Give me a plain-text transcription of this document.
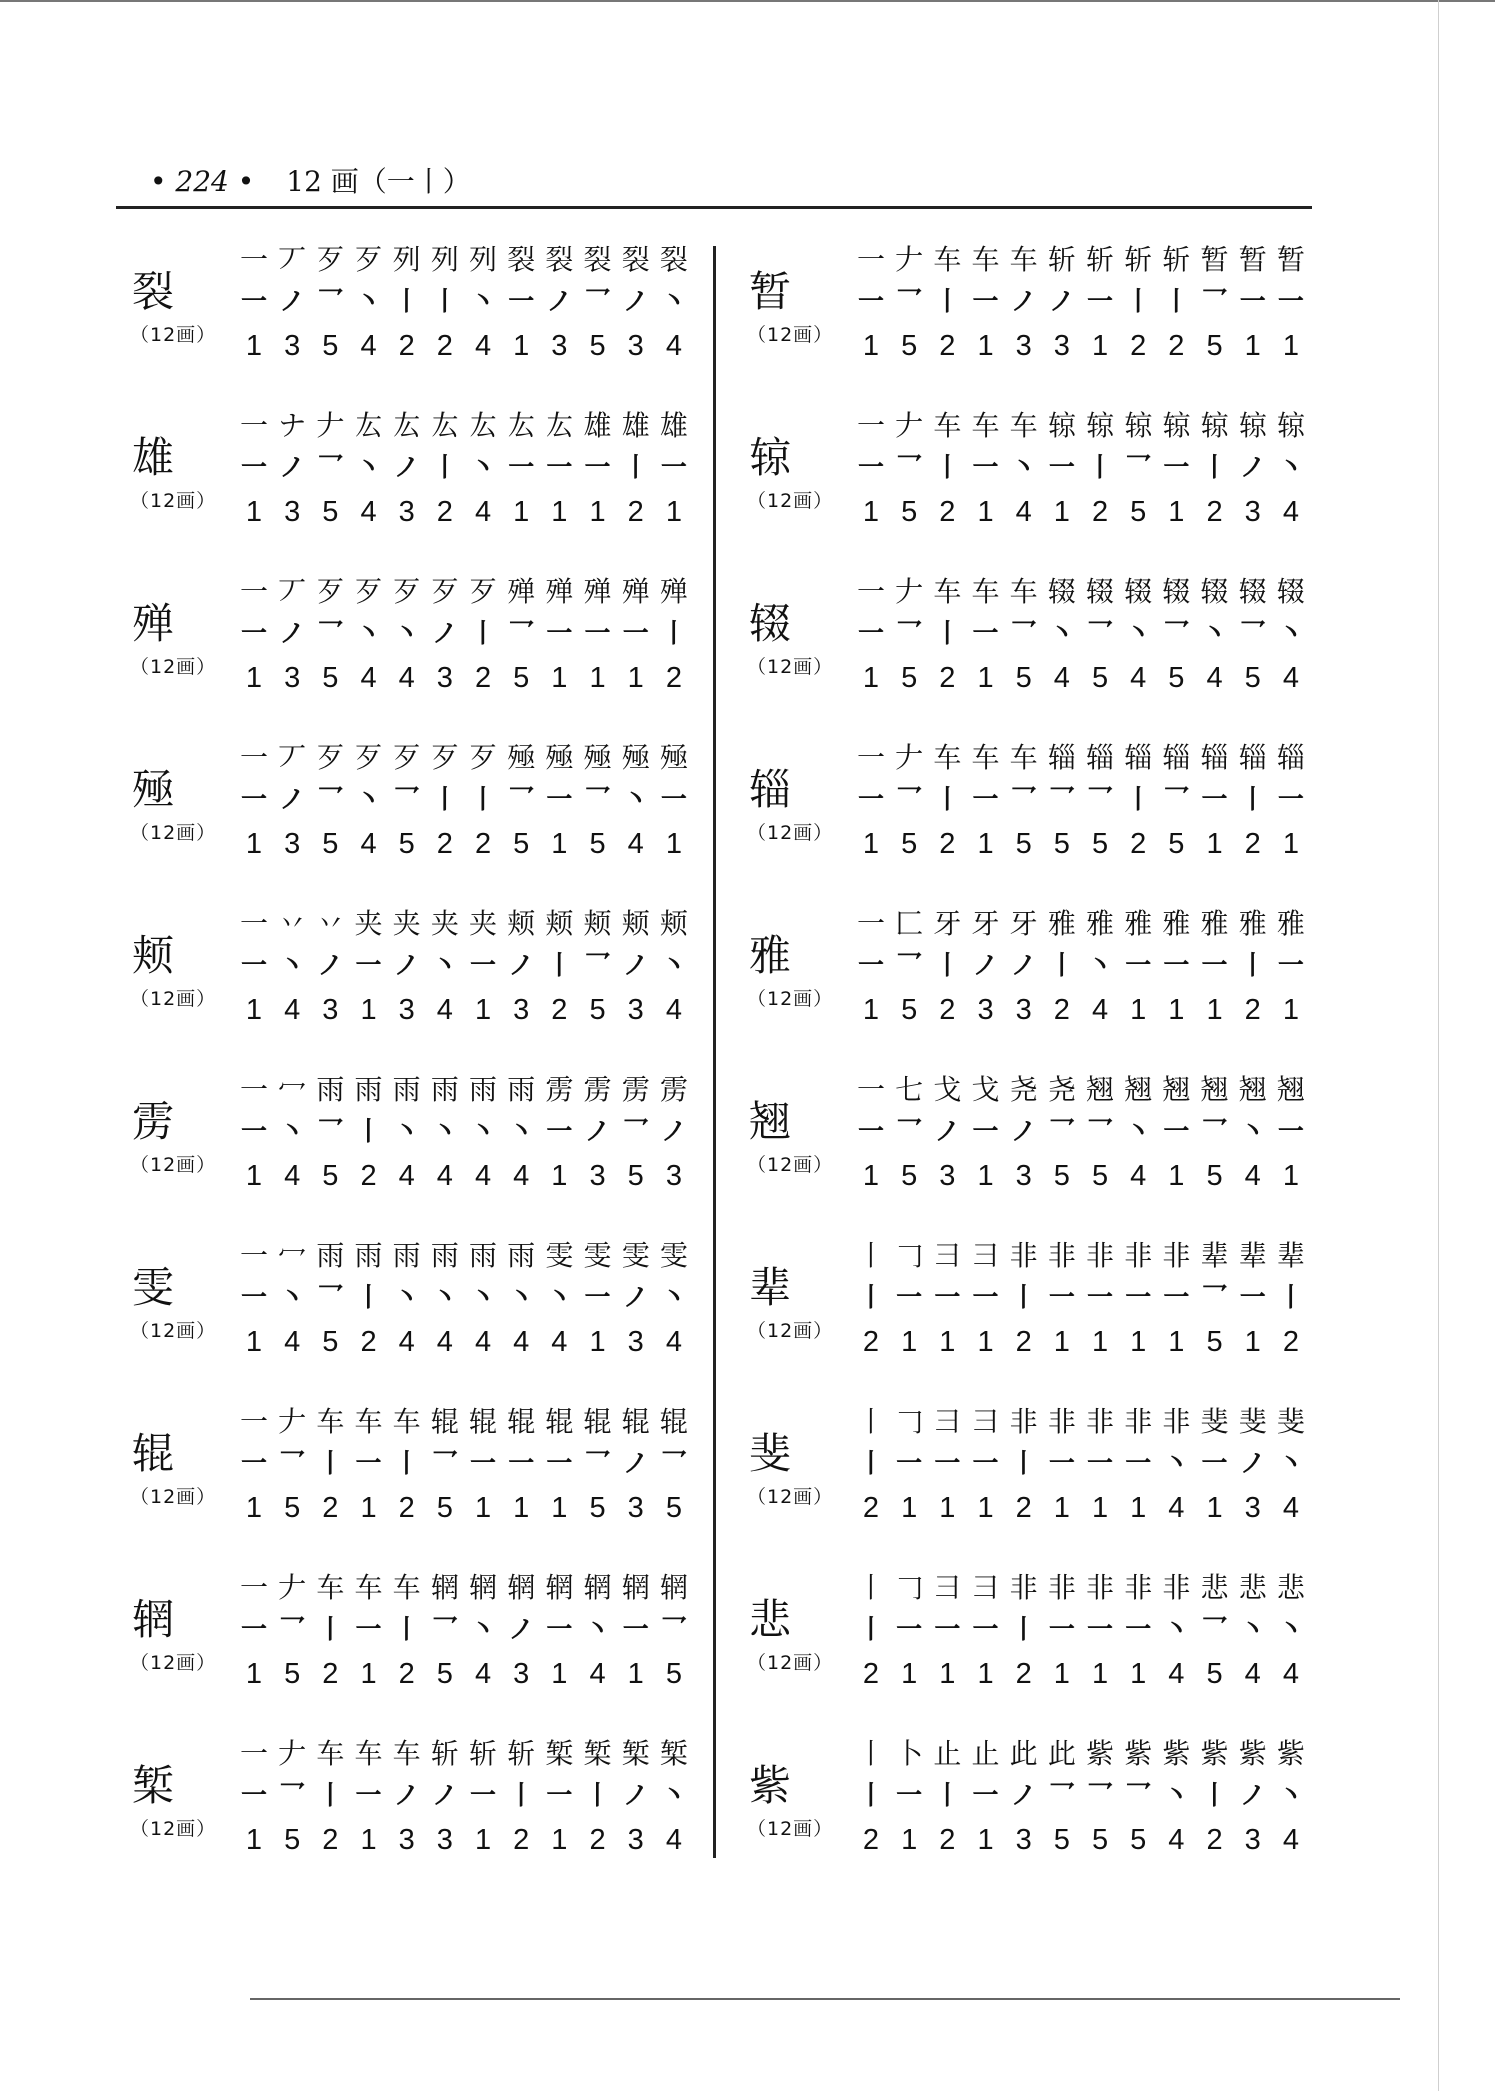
• 224 • 12 画（一丨）
裂
（12画）
一 丆 歹 歹 列 列 列 裂 裂 裂 裂 裂
一 ノ 乛 丶 丨 丨 丶 一 ノ 乛 ノ 丶
1 3 5 4 2 2 4 1 3 5 3 4
雄
（12画）
一 ナ 𠂇 厷 厷 厷 厷 厷 厷 雄 雄 雄
一 ノ 乛 丶 ノ 丨 丶 一 一 一 丨 一
1 3 5 4 3 2 4 1 1 1 2 1
殚
（12画）
一 丆 歹 歹 歹 歹 歹 殚 殚 殚 殚 殚
一 ノ 乛 丶 丶 ノ 丨 乛 一 一 一 丨
1 3 5 4 4 3 2 5 1 1 1 2
殛
（12画）
一 丆 歹 歹 歹 歹 歹 殛 殛 殛 殛 殛
一 ノ 乛 丶 乛 丨 丨 乛 一 乛 丶 一
1 3 5 4 5 2 2 5 1 5 4 1
颊
（12画）
一 丷 丷 夹 夹 夹 夹 颊 颊 颊 颊 颊
一 丶 ノ 一 ノ 丶 一 ノ 丨 乛 ノ 丶
1 4 3 1 3 4 1 3 2 5 3 4
雳
（12画）
一 冖 雨 雨 雨 雨 雨 雨 雳 雳 雳 雳
一 丶 乛 丨 丶 丶 丶 丶 一 ノ 乛 ノ
1 4 5 2 4 4 4 4 1 3 5 3
雯
（12画）
一 冖 雨 雨 雨 雨 雨 雨 雯 雯 雯 雯
一 丶 乛 丨 丶 丶 丶 丶 丶 一 ノ 丶
1 4 5 2 4 4 4 4 4 1 3 4
辊
（12画）
一 𠂇 车 车 车 辊 辊 辊 辊 辊 辊 辊
一 乛 丨 一 丨 乛 一 一 一 乛 ノ 乛
1 5 2 1 2 5 1 1 1 5 3 5
辋
（12画）
一 𠂇 车 车 车 辋 辋 辋 辋 辋 辋 辋
一 乛 丨 一 丨 乛 丶 ノ 一 丶 一 乛
1 5 2 1 2 5 4 3 1 4 1 5
椠
（12画）
一 𠂇 车 车 车 斩 斩 斩 椠 椠 椠 椠
一 乛 丨 一 ノ ノ 一 丨 一 丨 ノ 丶
1 5 2 1 3 3 1 2 1 2 3 4
暂
（12画）
一 𠂇 车 车 车 斩 斩 斩 斩 暂 暂 暂
一 乛 丨 一 ノ ノ 一 丨 丨 乛 一 一
1 5 2 1 3 3 1 2 2 5 1 1
辌
（12画）
一 𠂇 车 车 车 辌 辌 辌 辌 辌 辌 辌
一 乛 丨 一 丶 一 丨 乛 一 丨 ノ 丶
1 5 2 1 4 1 2 5 1 2 3 4
辍
（12画）
一 𠂇 车 车 车 辍 辍 辍 辍 辍 辍 辍
一 乛 丨 一 乛 丶 乛 丶 乛 丶 乛 丶
1 5 2 1 5 4 5 4 5 4 5 4
辎
（12画）
一 𠂇 车 车 车 辎 辎 辎 辎 辎 辎 辎
一 乛 丨 一 乛 乛 乛 丨 乛 一 丨 一
1 5 2 1 5 5 5 2 5 1 2 1
雅
（12画）
一 匚 牙 牙 牙 雅 雅 雅 雅 雅 雅 雅
一 乛 丨 ノ ノ 丨 丶 一 一 一 丨 一
1 5 2 3 3 2 4 1 1 1 2 1
翘
（12画）
一 七 戈 戈 尧 尧 翘 翘 翘 翘 翘 翘
一 乛 ノ 一 ノ 乛 乛 丶 一 乛 丶 一
1 5 3 1 3 5 5 4 1 5 4 1
辈
（12画）
丨 𠃌 彐 彐 非 非 非 非 非 辈 辈 辈
丨 一 一 一 丨 一 一 一 一 乛 一 丨
2 1 1 1 2 1 1 1 1 5 1 2
斐
（12画）
丨 𠃌 彐 彐 非 非 非 非 非 斐 斐 斐
丨 一 一 一 丨 一 一 一 丶 一 ノ 丶
2 1 1 1 2 1 1 1 4 1 3 4
悲
（12画）
丨 𠃌 彐 彐 非 非 非 非 非 悲 悲 悲
丨 一 一 一 丨 一 一 一 丶 乛 丶 丶
2 1 1 1 2 1 1 1 4 5 4 4
紫
（12画）
丨 卜 止 止 此 此 紫 紫 紫 紫 紫 紫
丨 一 丨 一 ノ 乛 乛 乛 丶 丨 ノ 丶
2 1 2 1 3 5 5 5 4 2 3 4
